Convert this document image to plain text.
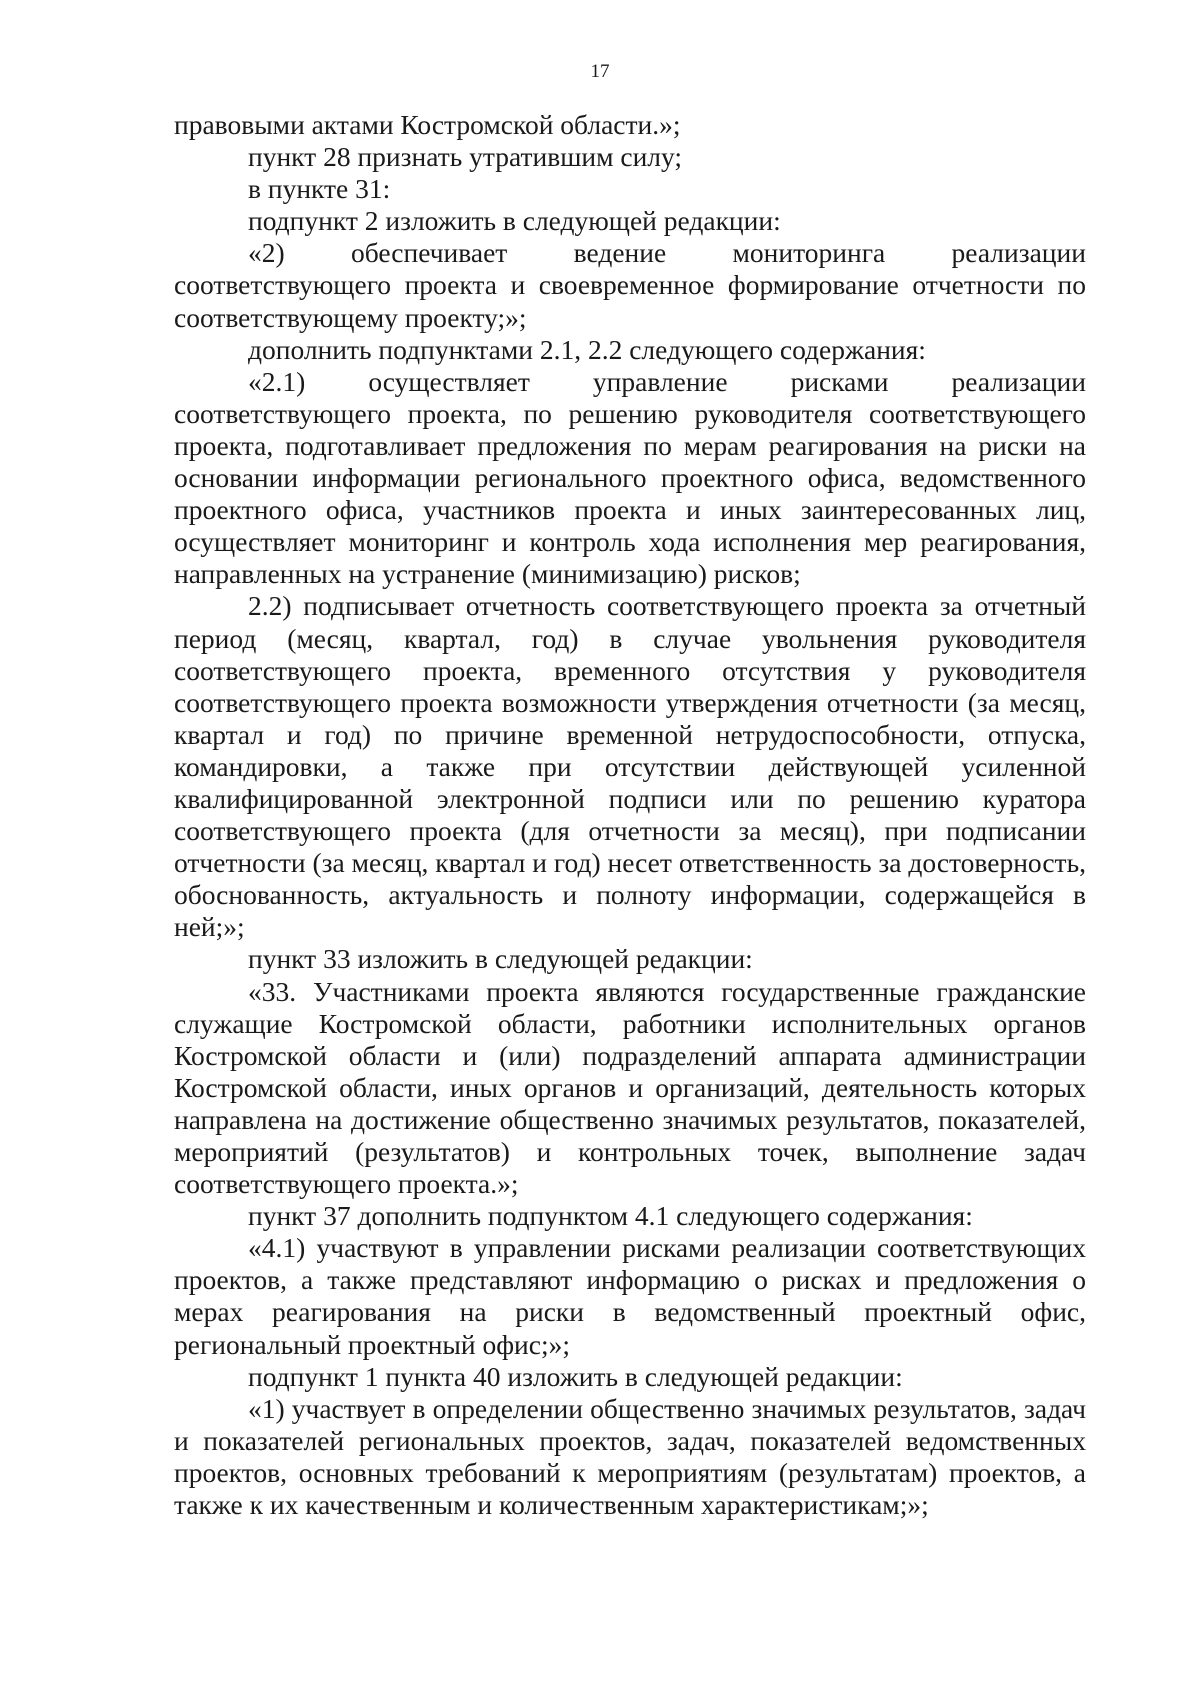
17

правовыми актами Костромской области.»;

пункт 28 признать утратившим силу;

в пункте 31:

подпункт 2 изложить в следующей редакции:

«2) обеспечивает ведение мониторинга реализации

соответствующего проекта и своевременное формирование отчетности по соответствующему проекту;»;

дополнить подпунктами 2.1, 2.2 следующего содержания:

«2.1) осуществляет управление рисками реализации

соответствующего проекта, по решению руководителя соответствующего проекта, подготавливает предложения по мерам реагирования на риски на основании информации регионального проектного офиса, ведомственного проектного офиса, участников проекта и иных заинтересованных лиц, осуществляет мониторинг и контроль хода исполнения мер реагирования, направленных на устранение (минимизацию) рисков;

2.2) подписывает отчетность соответствующего проекта за отчетный период (месяц, квартал, год) в случае увольнения руководителя соответствующего проекта, временного отсутствия у руководителя соответствующего проекта возможности утверждения отчетности (за месяц, квартал и год) по причине временной нетрудоспособности, отпуска, командировки, а также при отсутствии действующей усиленной квалифицированной электронной подписи или по решению куратора соответствующего проекта (для отчетности за месяц), при подписании отчетности (за месяц, квартал и год) несет ответственность за достоверность, обоснованность, актуальность и полноту информации, содержащейся в ней;»;

пункт 33 изложить в следующей редакции:

«33. Участниками проекта являются государственные гражданские служащие Костромской области, работники исполнительных органов Костромской области и (или) подразделений аппарата администрации Костромской области, иных органов и организаций, деятельность которых направлена на достижение общественно значимых результатов, показателей, мероприятий (результатов) и контрольных точек, выполнение задач соответствующего проекта.»;

пункт 37 дополнить подпунктом 4.1 следующего содержания:

«4.1) участвуют в управлении рисками реализации соответствующих проектов, а также представляют информацию о рисках и предложения о мерах реагирования на риски в ведомственный проектный офис, региональный проектный офис;»;

подпункт 1 пункта 40 изложить в следующей редакции:

«1) участвует в определении общественно значимых результатов, задач и показателей региональных проектов, задач, показателей ведомственных проектов, основных требований к мероприятиям (результатам) проектов, а также к их качественным и количественным характеристикам;»;
